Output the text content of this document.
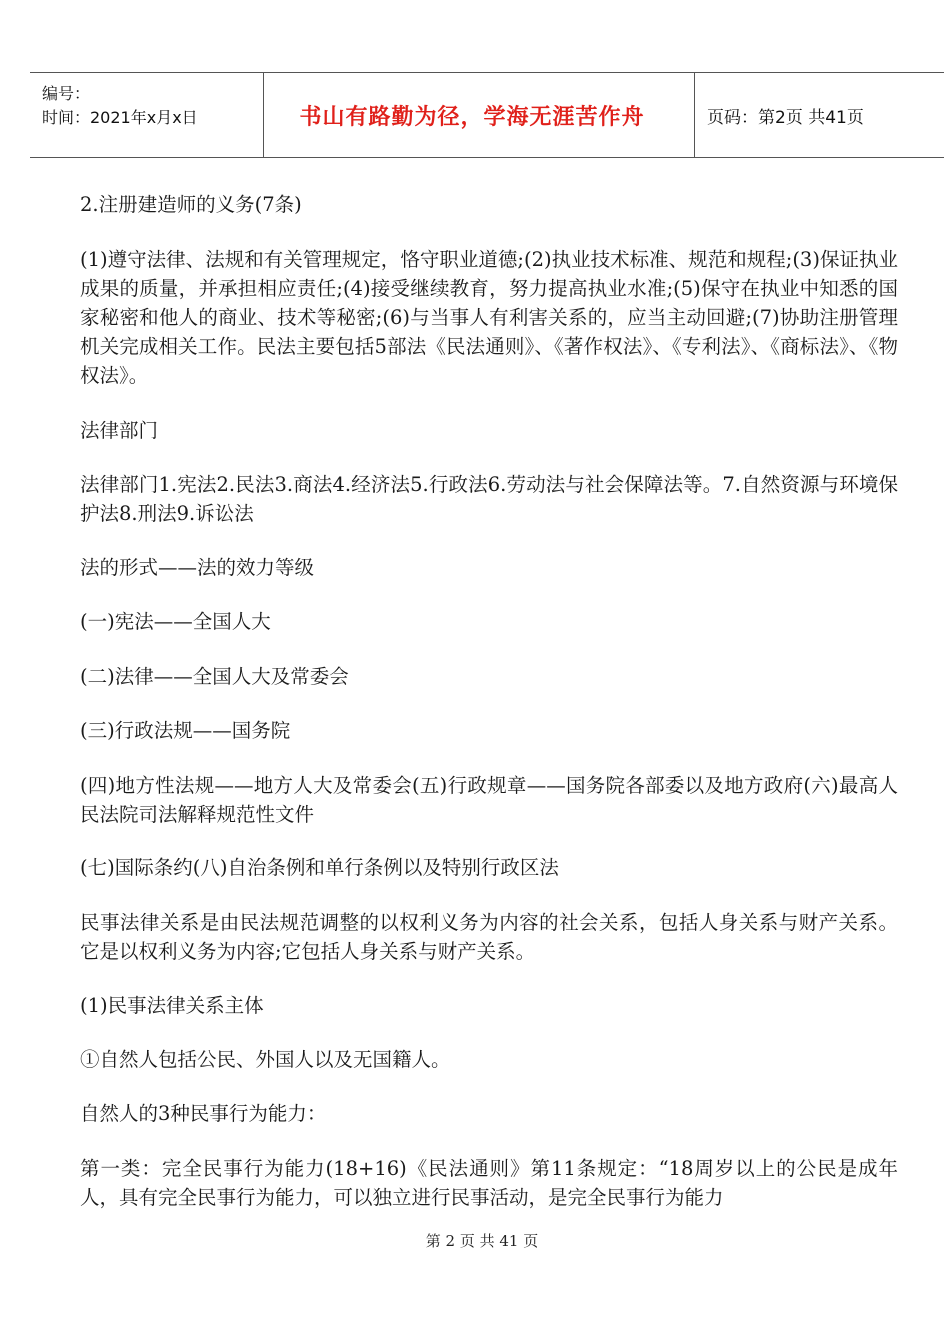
编号：
时间：2021年x月x日	书山有路勤为径，学海无涯苦作舟	页码：第2页 共41页

2.注册建造师的义务(7条)

(1)遵守法律、法规和有关管理规定，恪守职业道德;(2)执业技术标准、规范和规程;(3)保证执业成果的质量，并承担相应责任;(4)接受继续教育，努力提高执业水准;(5)保守在执业中知悉的国家秘密和他人的商业、技术等秘密;(6)与当事人有利害关系的，应当主动回避;(7)协助注册管理机关完成相关工作。民法主要包括5部法《民法通则》、《著作权法》、《专利法》、《商标法》、《物权法》。

法律部门

法律部门1.宪法2.民法3.商法4.经济法5.行政法6.劳动法与社会保障法等。7.自然资源与环境保护法8.刑法9.诉讼法

法的形式——法的效力等级

(一)宪法——全国人大

(二)法律——全国人大及常委会

(三)行政法规——国务院

(四)地方性法规——地方人大及常委会(五)行政规章——国务院各部委以及地方政府(六)最高人民法院司法解释规范性文件

(七)国际条约(八)自治条例和单行条例以及特别行政区法

民事法律关系是由民法规范调整的以权利义务为内容的社会关系，包括人身关系与财产关系。它是以权利义务为内容;它包括人身关系与财产关系。

(1)民事法律关系主体

①自然人包括公民、外国人以及无国籍人。

自然人的3种民事行为能力：

第一类：完全民事行为能力(18+16)《民法通则》第11条规定：“18周岁以上的公民是成年人，具有完全民事行为能力，可以独立进行民事活动，是完全民事行为能力

第 2 页 共 41 页
